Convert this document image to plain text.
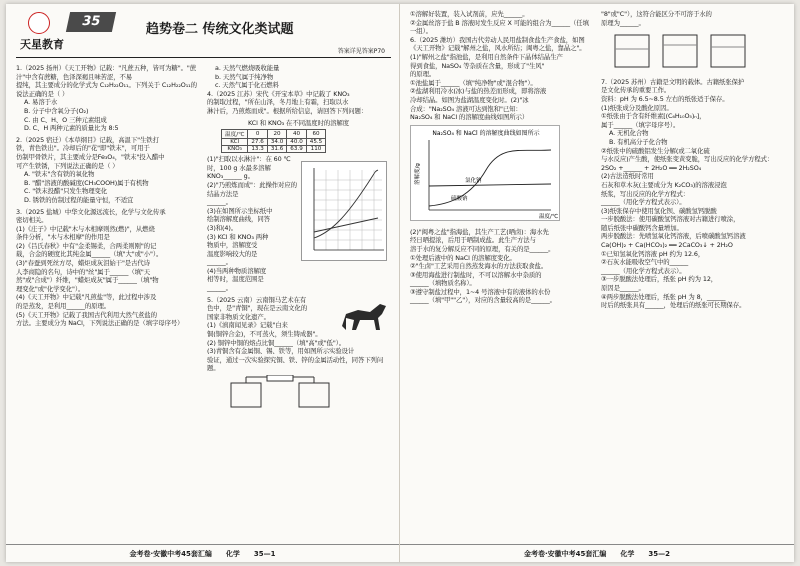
天星教育
35
趋势卷二 传统文化类试题
答案详见答案P70
1.（2025 扬州）《天工开物》记载："凡蔗五种，皆可为糖"。"蔗汁"中含有蔗糖，色泽深褐且味苦涩，不易
提纯，其主要成分的化学式为 C₁₂H₂₂O₁₁。下列关于 C₁₂H₂₂O₁₁的说法正确的是（ ）
A. 易溶于水
B. 分子中含氧分子(O₂)
C. 由 C、H、O 三种元素组成
D. C、H 两种元素的质量比为 8:5
2.（2025 宿迁）《本草纲目》记载，高温下"生铁打
铁，青色铁出"。冷却后的"花"即"铁末"，可用于
仿制甲骨铁片，其主要成分是Fe₃O₄，"铁末"投入醋中
可产生铁锈，下列说法正确的是（ ）
A. "铁末"含有铁的氧化物
B. "醋"溶液的酸碱度(CH₃COOH)属于有机物
C. "铁末投醋"只发生物理变化
D. 锈铁的仿制过程的能量守恒，不适宜
3.（2025 盐城）中华文化源远流长，化学与文化传承
密切相关。
(1)《庄子》中记载"木与木相摩则然(燃)"，从燃烧
条件分析，"木与木相摩"的作用是
(2)《吕氏春秋》中有"金柔锡柔，合两柔则刚"的记
载，合金的硬度比其纯金属______（填"大"或"小"）。
(3)"春蚕到死丝方尽，蜡炬成灰泪始干"是古代诗
人李商隐的名句，诗中的"丝"属于______（填"天
然"或"合成"）纤维，"蜡炬成灰"属于______（填"物
理变化"或"化学变化"）。
(4)《天工开物》中记载"凡煎盐"等，此过程中涉及
的是蒸发，是利用______的原理。
(5)《天工开物》记载了我国古代利用大然气煮盐的
方法。主要成分为 NaCl，下列说法正确的是（填字母序号）
a. 天然气燃烧吸收能量
b. 天然气属于纯净物
c. 天然气属于化石燃料
4.（2025 江苏）宋代《开宝本草》中记载了 KNO₃
的制取过程，"所在山泽，冬月地上有霜，扫取以水
淋汁后，乃煎炼而成"。根据所给信息，请回答下列问题：
KCl 和 KNO₃ 在不同温度时的溶解度
温度/℃	0	20	40	60
KCl	27.6	34.0	40.0	45.5
KNO₃	13.3	31.6	63.9	110
(1)"扫取以水淋汁"：在 60 ℃时，100 g 水最多溶解
KNO₃______ g。
(2)"乃煎炼而成"：此操作对应的结晶方法是
______。
(3)在如图所示坐标纸中
绘制溶解度曲线，同答
(3)和(4)。
(3) KCl 和 KNO₃ 两种
物质中，溶解度受
温度影响较大的是
______。
(4)当两种物质溶解度
相等时，温度范围是
______。
5.（2025 云南）云南铜马艺术在有
色中，是"青铜"，现在是云南文化的
国家非物质文化遗产。
(1)《滇南闻见录》记载"白来
铜(铜锌合金)，不可蒸火，须生铸成器"。
(2) 铜锌中铜的熔点比铜______（填"高"或"低"）。
(3)青铜含有金属铜、锡、铁等，用如图所示实验设计
验证，通过一次实验探究铜、铁、锌的金属活动性，同答下列问题。
金考卷·安徽中考45套汇编 化学 35—1
①溶解好装置，装入试剂前，应先______。
②金属丝溶于盐 B 溶液时发生反应 X 可能的组合为______（任填一组）。
6.（2025 潍坊）我国古代劳动人民用盐制食盐生产食盐，如图
《天工开物》记载"解州之盐，风水所结；闽粤之盐，靠晶之"。
(1)"解州之盐"指池盐，是利用自然条件下晶体结晶生产
得到食盐，NaSO₄ 等杂质在含量，形成了"生风"
的原理。
①池盐属于______（填"纯净物"或"混合物"）。
②盐湖利用冷水(冰)与盐的热差而形成，即将溶液
冷却结晶。如图为盐湖温度变化时。(2)"冰
合成："Na₂SO₄ 溶液可达到饱和"已知：
Na₂SO₄ 和 NaCl 的溶解度曲线如图所示）
Na₂SO₄ 和 NaCl 的溶解度曲线如图所示
溶解度/g
温度/℃
氯化钠
硫酸钠
(2)"闽粤之盐"指海盐，其生产工艺(晒卤)：海水先
经日晒提浓，后用于晒制成盐。此生产方法与
溶于水的复分解反应不同的原理，有关的是______。
①处理后液中的 NaCl 的溶解度变化。
②"生卤"工艺采用自然蒸发海水的方法获取食盐。
③使用海盐进行制盐时，不可以溶解水中杂质的
______（填物质名称）。
③遵守制盐过程中，1~4 号溶液中有的液体的水份
______（填"甲""乙"），对应的含量较高的是______。
"8"或"C"），这符合能区分不可溶于水的
原理为______。
7.（2025 苏州）古籍是文明的载体。古籍纸张保护
是文化传承的重要工作。
资料：pH 为 6.5~8.5 左右的纸张适于保存。
(1)纸张成分及酸化原因。
①纸张由于含有纤维素[(C₆H₁₀O₅)ₙ]，
属于______（填字母序号）。
A. 无机化合物
B. 有机高分子化合物
②纸张中的硫酸铝发生分解(或二氧化硫
与水反应)产生酸，使纸张变黄变脆，写出反应的化学方程式：
2SO₂ +______ + 2H₂O ══ 2H₂SO₄
(2)古法造纸时常用
石灰和草木灰(主要成分为 K₂CO₃)的溶液浸泡
纸浆，写出反应的化学方程式：
______（用化学方程式表示）。
(3)纸张保存中使用氢化钡、碳酸氢钙脱酸
一步脱酸法：使用碳酸氢钙溶液对古籍进行喷涂，
随后纸张中碳酸钙含量增加。
两步脱酸法：先喷氢氧化钙溶液，后喷碳酸氢钙溶液
Ca(OH)₂ + Ca(HCO₃)₂ ══ 2CaCO₃↓ + 2H₂O
①已知氢氧化钙溶液 pH 约为 12.6，
②石灰水能吸收空气中的______
______（用化学方程式表示）。
③一步脱酸法处理后，纸张 pH 约为 12，
原因是______。
④两步脱酸法处理后，纸张 pH 为 8，______
时后的纸张具有______，处理后的纸张可长期保存。
金考卷·安徽中考45套汇编 化学 35—2
